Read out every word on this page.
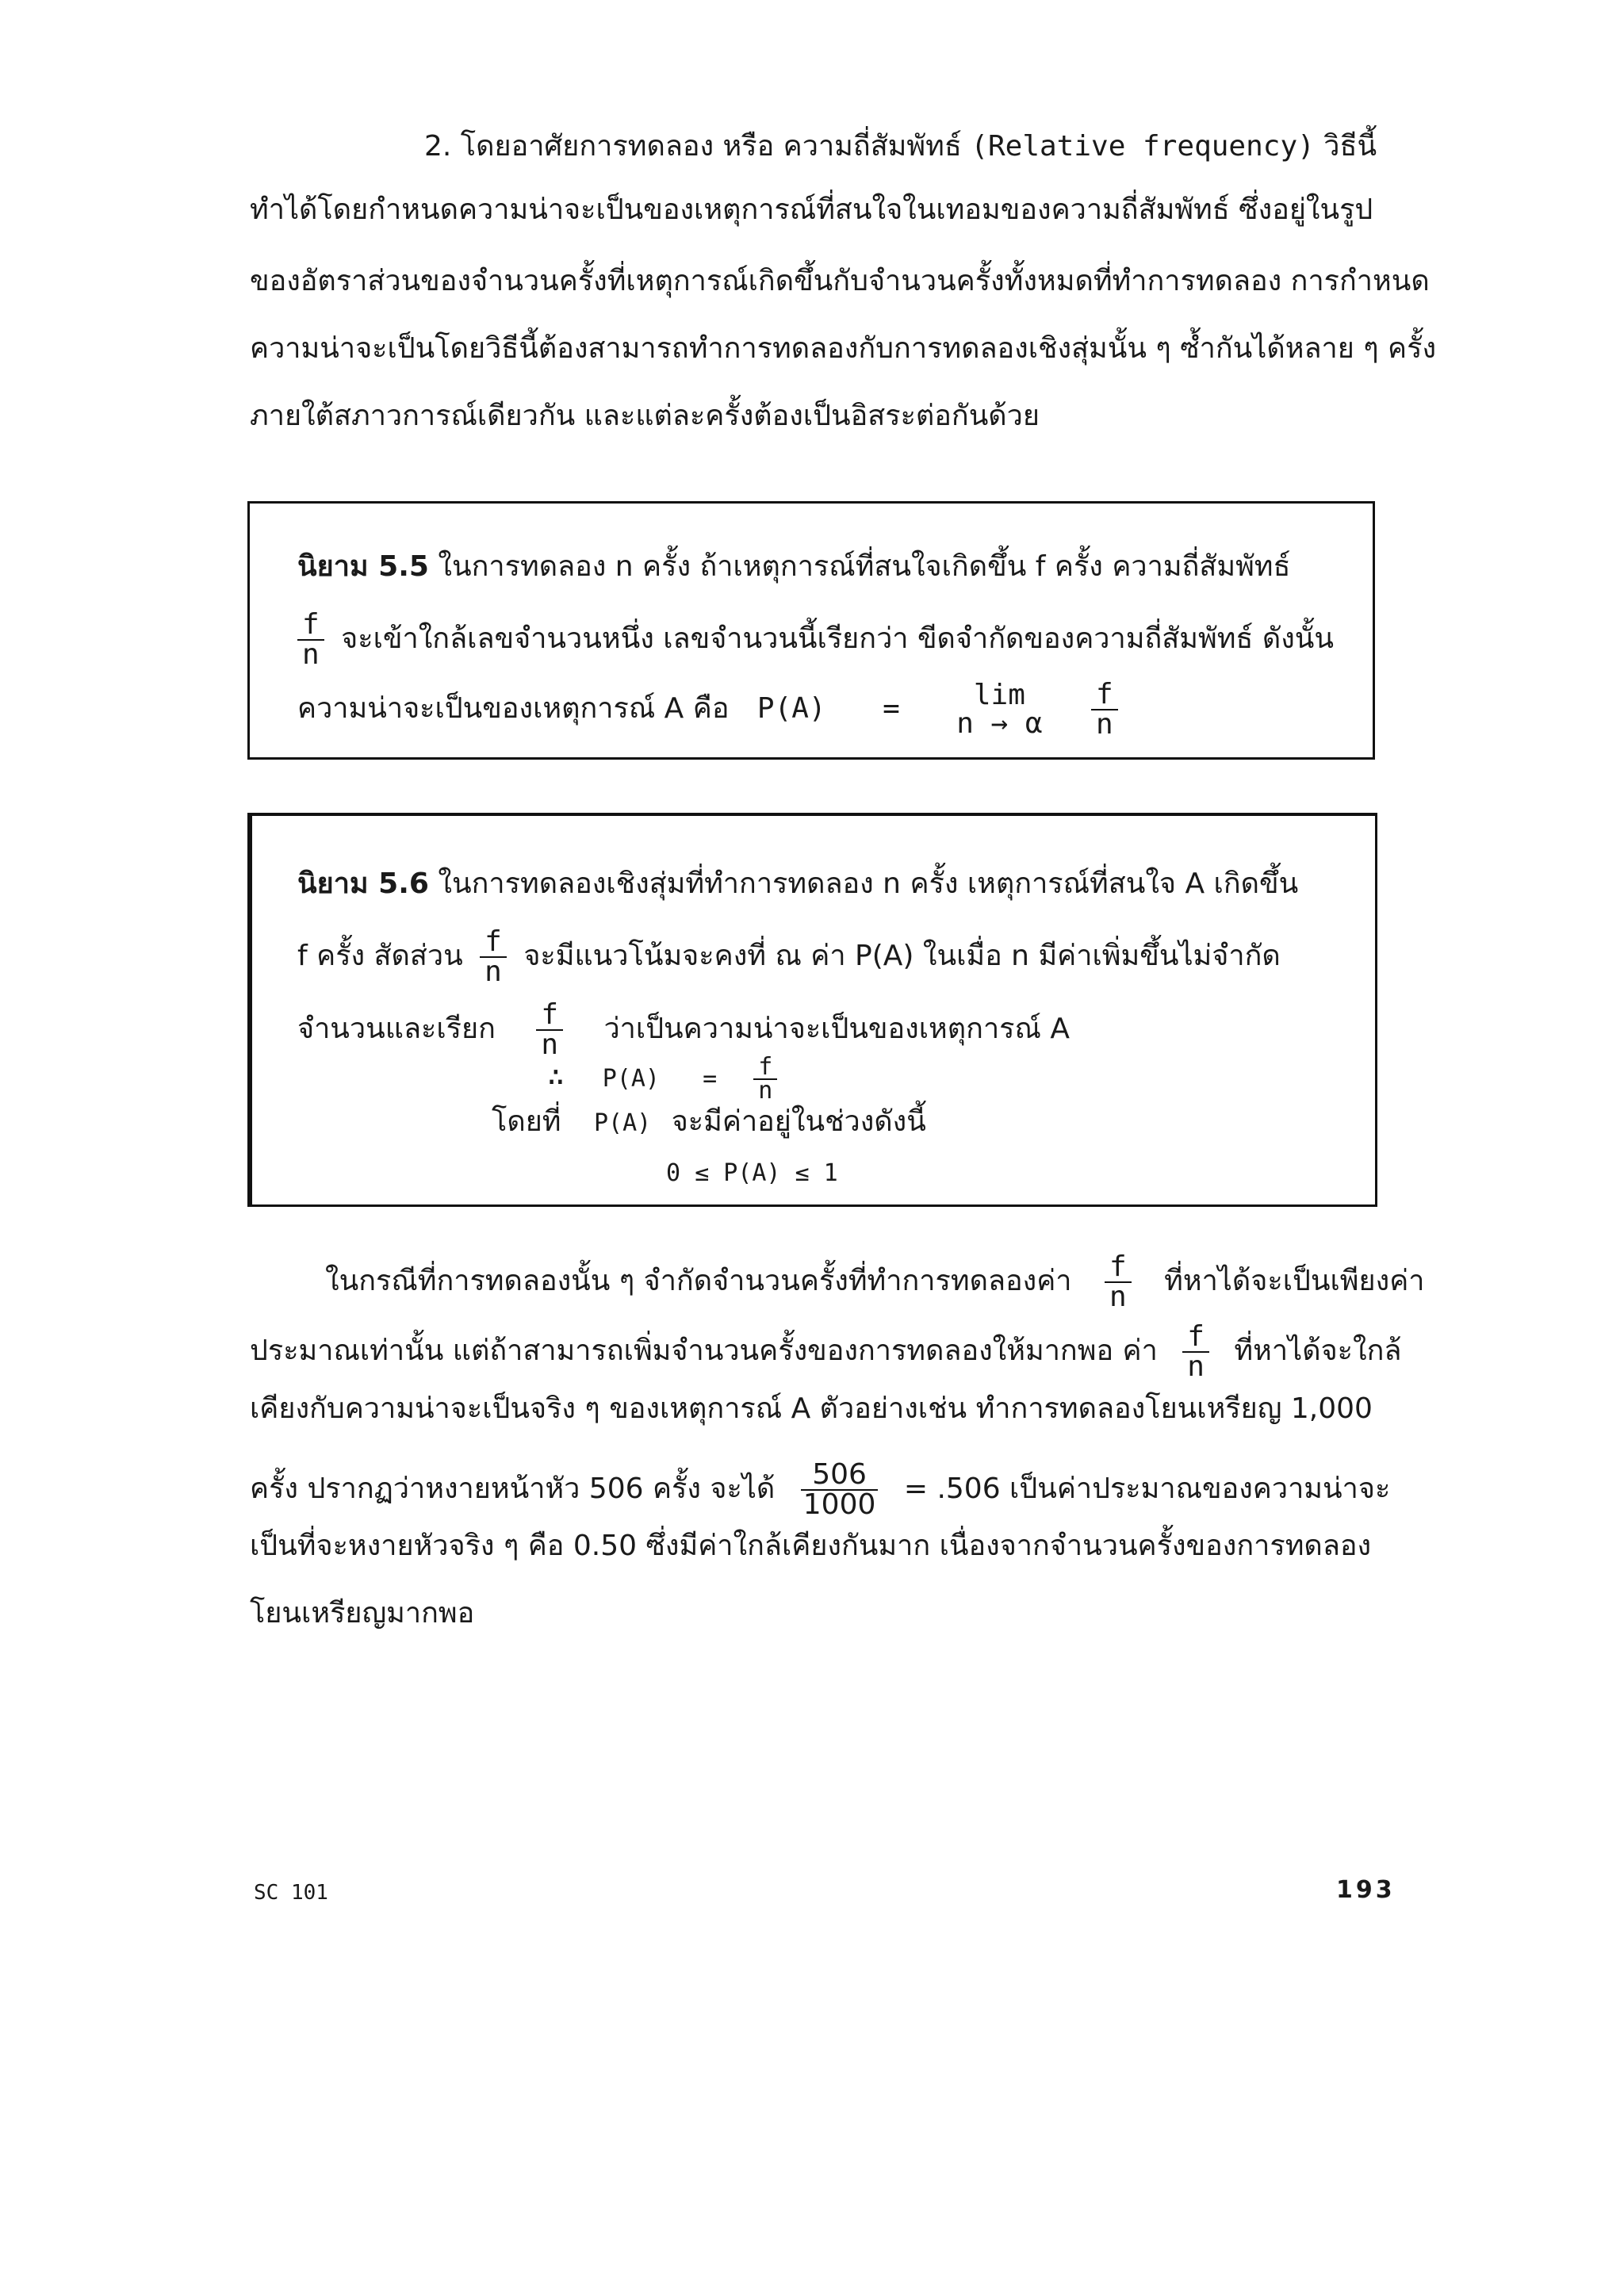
2. โดยอาศัยการทดลอง หรือ ความถี่สัมพัทธ์ (Relative frequency) วิธีนี้
ทำได้โดยกำหนดความน่าจะเป็นของเหตุการณ์ที่สนใจในเทอมของความถี่สัมพัทธ์ ซึ่งอยู่ในรูป
ของอัตราส่วนของจำนวนครั้งที่เหตุการณ์เกิดขึ้นกับจำนวนครั้งทั้งหมดที่ทำการทดลอง การกำหนด
ความน่าจะเป็นโดยวิธีนี้ต้องสามารถทำการทดลองกับการทดลองเชิงสุ่มนั้น ๆ ซ้ำกันได้หลาย ๆ ครั้ง
ภายใต้สภาวการณ์เดียวกัน และแต่ละครั้งต้องเป็นอิสระต่อกันด้วย
นิยาม 5.5 ในการทดลอง n ครั้ง ถ้าเหตุการณ์ที่สนใจเกิดขึ้น f ครั้ง ความถี่สัมพัทธ์
$\frac{f}{n}$ จะเข้าใกล้เลขจำนวนหนึ่ง เลขจำนวนนี้เรียกว่า ขีดจำกัดของความถี่สัมพัทธ์ ดังนั้น
ความน่าจะเป็นของเหตุการณ์ A คือ P(A) =	lim
n → α
$\frac{f}{n}$
นิยาม 5.6 ในการทดลองเชิงสุ่มที่ทำการทดลอง n ครั้ง เหตุการณ์ที่สนใจ A เกิดขึ้น
f ครั้ง สัดส่วน $\frac{f}{n}$ จะมีแนวโน้มจะคงที่ ณ ค่า P(A) ในเมื่อ n มีค่าเพิ่มขึ้นไม่จำกัด
จำนวนและเรียก $\frac{f}{n}$ ว่าเป็นความน่าจะเป็นของเหตุการณ์ A
∴ $P(A) = \frac{f}{n}$
โดยที่ P(A) จะมีค่าอยู่ในช่วงดังนี้
0 ≤ P(A) ≤ 1
ในกรณีที่การทดลองนั้น ๆ จำกัดจำนวนครั้งที่ทำการทดลองค่า $\frac{f}{n}$ ที่หาได้จะเป็นเพียงค่า
ประมาณเท่านั้น แต่ถ้าสามารถเพิ่มจำนวนครั้งของการทดลองให้มากพอ ค่า $\frac{f}{n}$ ที่หาได้จะใกล้
เคียงกับความน่าจะเป็นจริง ๆ ของเหตุการณ์ A ตัวอย่างเช่น ทำการทดลองโยนเหรียญ 1,000
ครั้ง ปรากฏว่าหงายหน้าหัว 506 ครั้ง จะได้ $\frac{506}{1000} = .506$ เป็นค่าประมาณของความน่าจะ
เป็นที่จะหงายหัวจริง ๆ คือ 0.50 ซึ่งมีค่าใกล้เคียงกันมาก เนื่องจากจำนวนครั้งของการทดลอง
โยนเหรียญมากพอ
SC 101	193
